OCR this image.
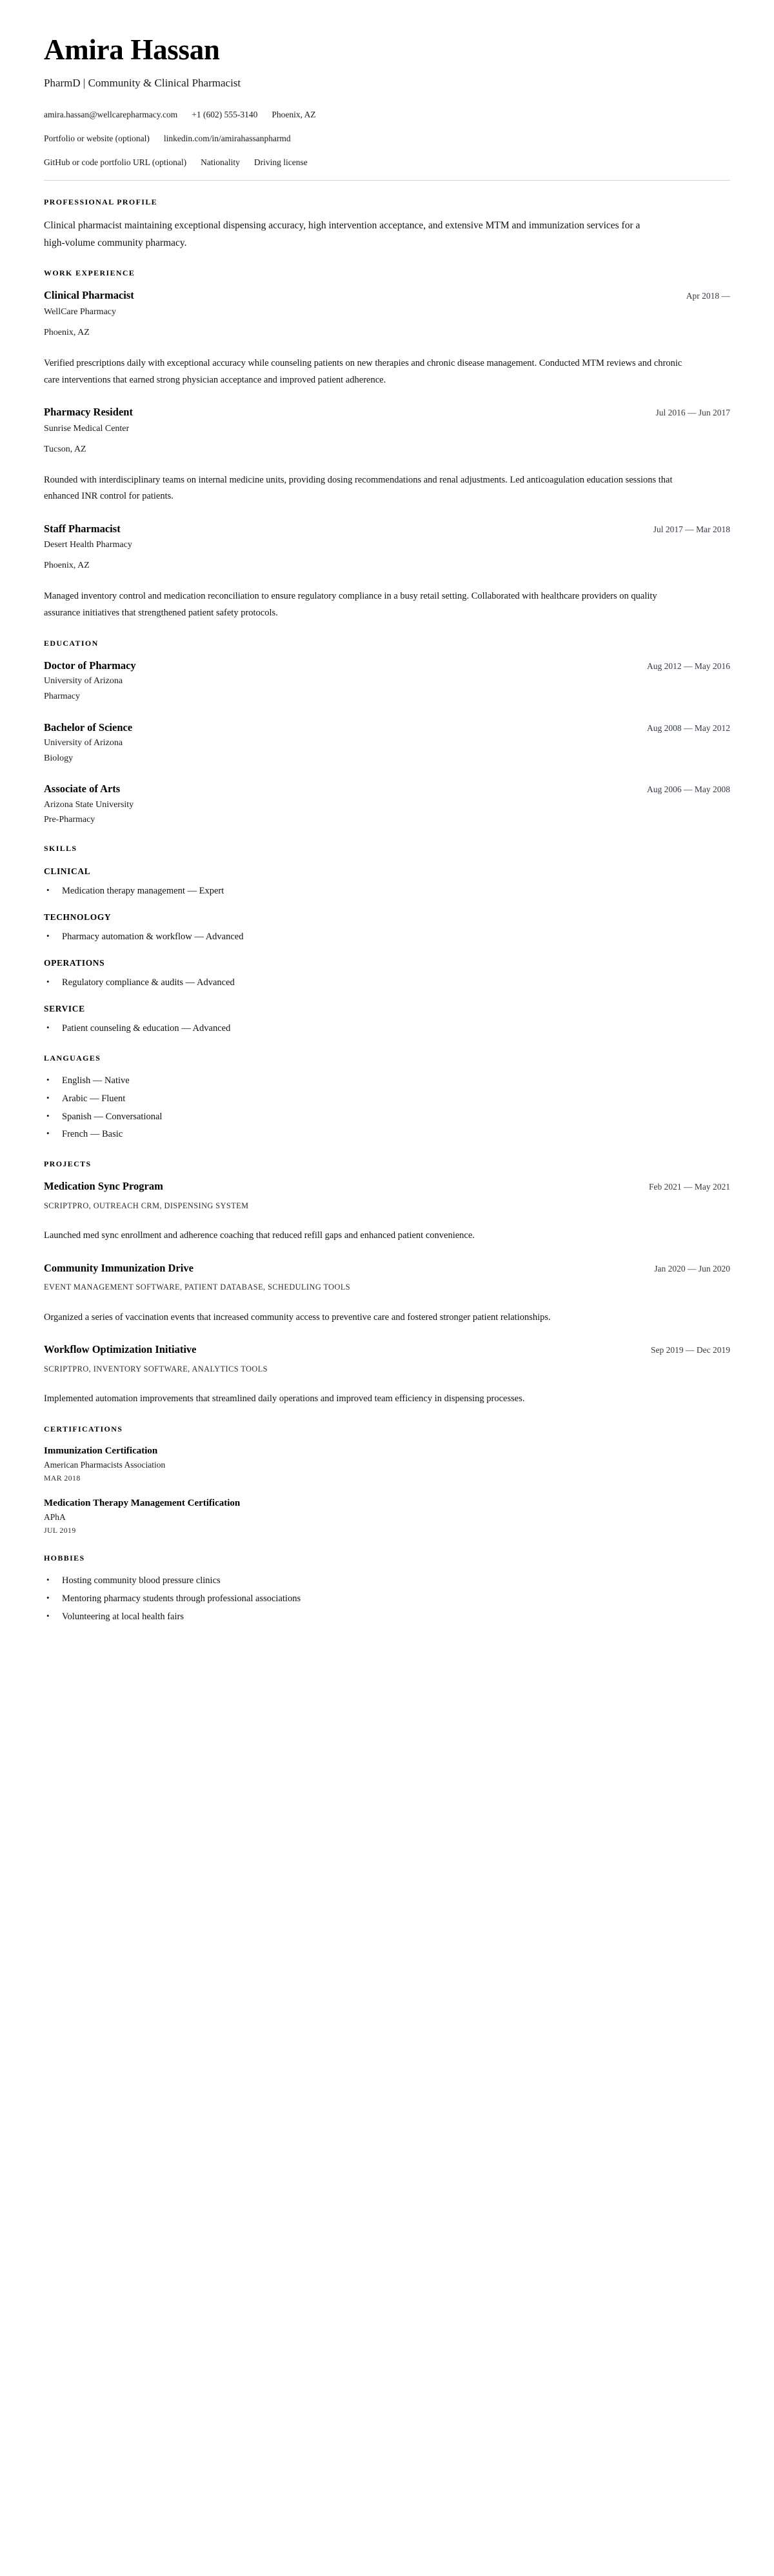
Amira Hassan
PharmD | Community & Clinical Pharmacist
amira.hassan@wellcarepharmacy.com +1 (602) 555-3140 Phoenix, AZ
Portfolio or website (optional) linkedin.com/in/amirahassanpharmd
GitHub or code portfolio URL (optional) Nationality Driving license
PROFESSIONAL PROFILE

Clinical pharmacist maintaining exceptional dispensing accuracy, high intervention acceptance, and extensive MTM and immunization services for a high-volume community pharmacy.

WORK EXPERIENCE
Clinical Pharmacist	Apr 2018 —
WellCare Pharmacy
Phoenix, AZ

Verified prescriptions daily with exceptional accuracy while counseling patients on new therapies and chronic disease management. Conducted MTM reviews and chronic care interventions that earned strong physician acceptance and improved patient adherence.

Pharmacy Resident	Jul 2016 — Jun 2017
Sunrise Medical Center
Tucson, AZ

Rounded with interdisciplinary teams on internal medicine units, providing dosing recommendations and renal adjustments. Led anticoagulation education sessions that enhanced INR control for patients.

Staff Pharmacist	Jul 2017 — Mar 2018
Desert Health Pharmacy
Phoenix, AZ

Managed inventory control and medication reconciliation to ensure regulatory compliance in a busy retail setting. Collaborated with healthcare providers on quality assurance initiatives that strengthened patient safety protocols.

EDUCATION
Doctor of Pharmacy	Aug 2012 — May 2016
University of Arizona
Pharmacy
Bachelor of Science	Aug 2008 — May 2012
University of Arizona
Biology
Associate of Arts	Aug 2006 — May 2008
Arizona State University
Pre-Pharmacy
SKILLS
CLINICAL
• Medication therapy management — Expert
TECHNOLOGY
• Pharmacy automation & workflow — Advanced
OPERATIONS
• Regulatory compliance & audits — Advanced
SERVICE
• Patient counseling & education — Advanced
LANGUAGES
• English — Native
• Arabic — Fluent
• Spanish — Conversational
• French — Basic
PROJECTS
Medication Sync Program	Feb 2021 — May 2021
SCRIPTPRO, OUTREACH CRM, DISPENSING SYSTEM

Launched med sync enrollment and adherence coaching that reduced refill gaps and enhanced patient convenience.

Community Immunization Drive	Jan 2020 — Jun 2020
EVENT MANAGEMENT SOFTWARE, PATIENT DATABASE, SCHEDULING TOOLS

Organized a series of vaccination events that increased community access to preventive care and fostered stronger patient relationships.

Workflow Optimization Initiative	Sep 2019 — Dec 2019
SCRIPTPRO, INVENTORY SOFTWARE, ANALYTICS TOOLS

Implemented automation improvements that streamlined daily operations and improved team efficiency in dispensing processes.

CERTIFICATIONS
Immunization Certification
American Pharmacists Association
MAR 2018
Medication Therapy Management Certification
APhA
JUL 2019
HOBBIES
• Hosting community blood pressure clinics
• Mentoring pharmacy students through professional associations
• Volunteering at local health fairs
